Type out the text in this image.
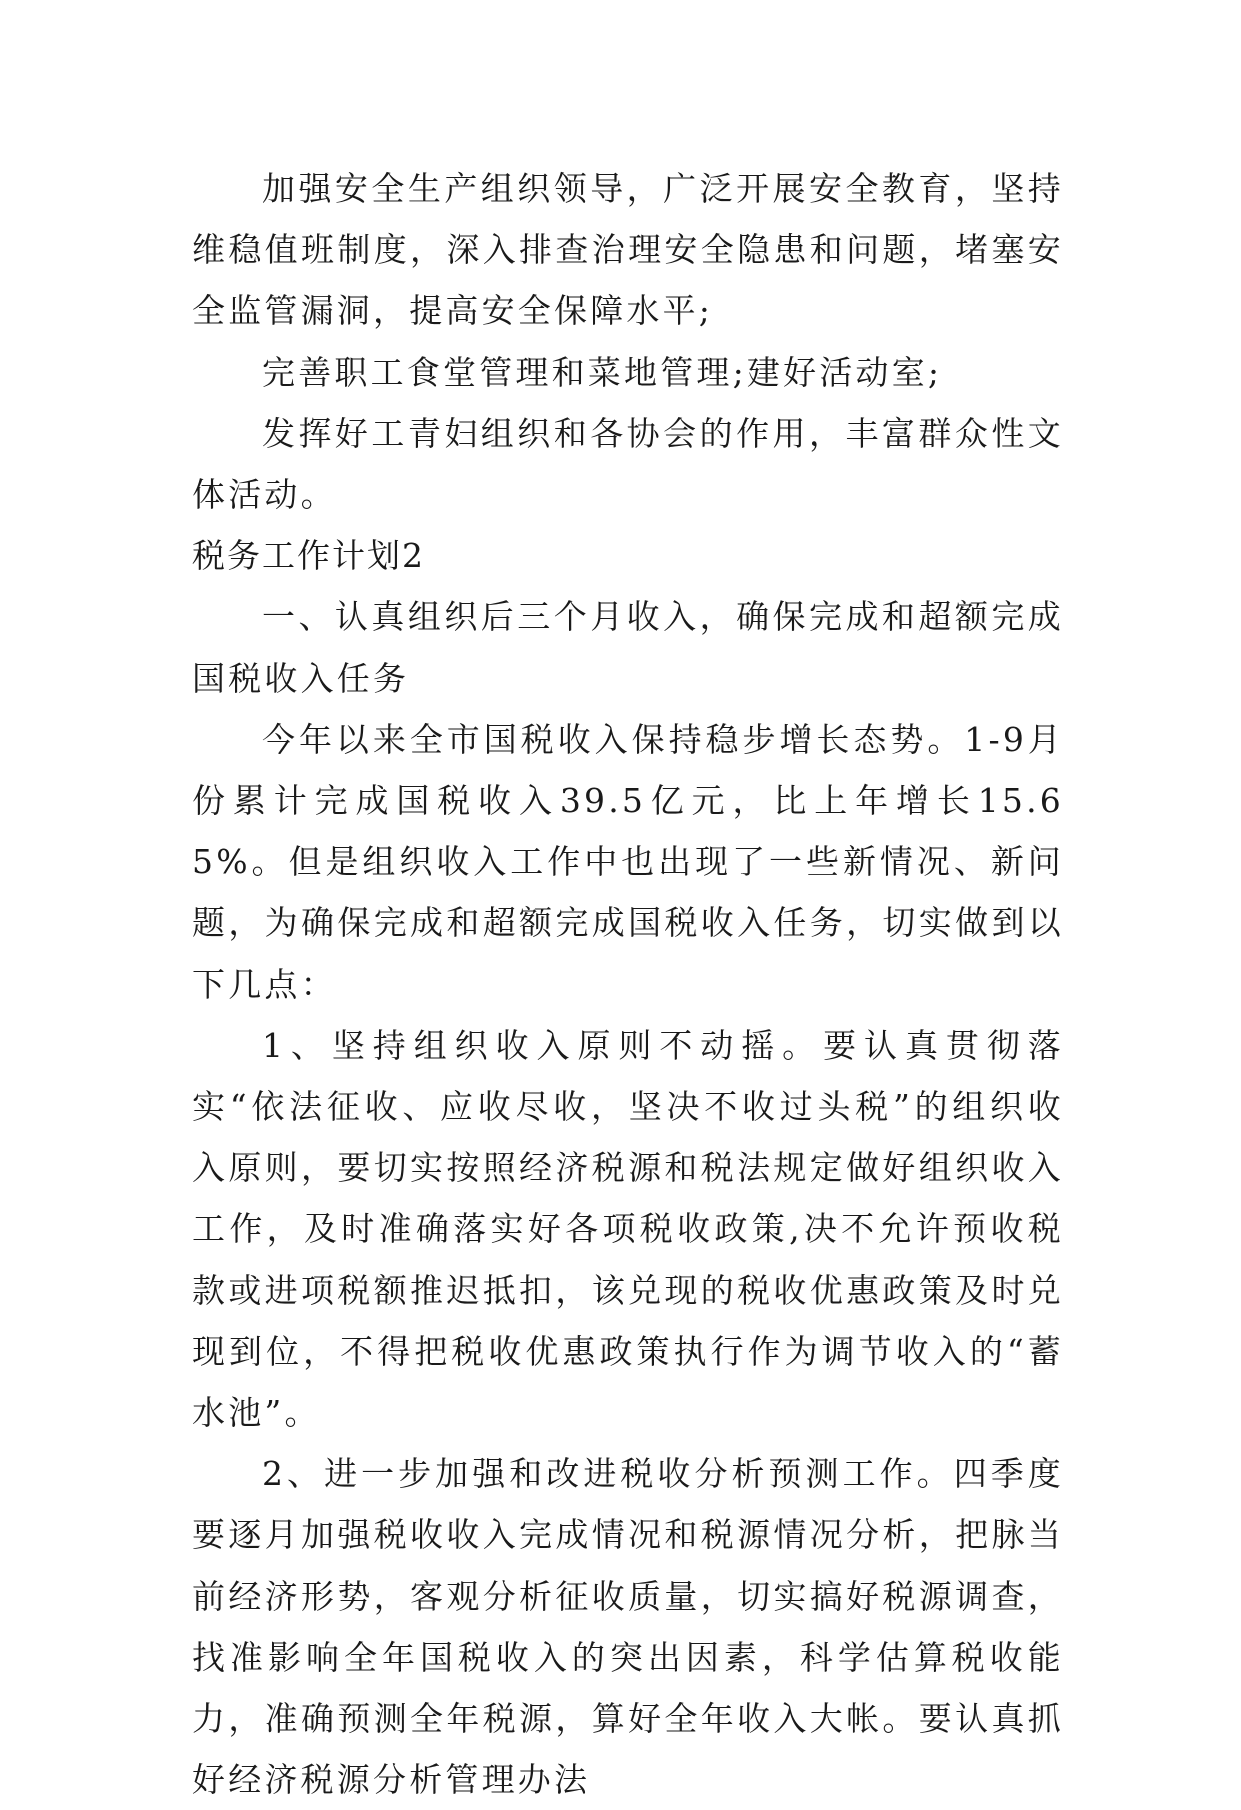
加强安全生产组织领导，广泛开展安全教育，坚持维稳值班制度，深入排查治理安全隐患和问题，堵塞安全监管漏洞，提高安全保障水平;

完善职工食堂管理和菜地管理;建好活动室;

发挥好工青妇组织和各协会的作用，丰富群众性文体活动。

税务工作计划2

一、认真组织后三个月收入，确保完成和超额完成国税收入任务

今年以来全市国税收入保持稳步增长态势。1-9月份累计完成国税收入39.5亿元，比上年增长15.65%。但是组织收入工作中也出现了一些新情况、新问题，为确保完成和超额完成国税收入任务，切实做到以下几点：

1、坚持组织收入原则不动摇。要认真贯彻落实“依法征收、应收尽收，坚决不收过头税”的组织收入原则，要切实按照经济税源和税法规定做好组织收入工作，及时准确落实好各项税收政策,决不允许预收税款或进项税额推迟抵扣，该兑现的税收优惠政策及时兑现到位，不得把税收优惠政策执行作为调节收入的“蓄水池”。

2、进一步加强和改进税收分析预测工作。四季度要逐月加强税收收入完成情况和税源情况分析，把脉当前经济形势，客观分析征收质量，切实搞好税源调查，找准影响全年国税收入的突出因素，科学估算税收能力，准确预测全年税源，算好全年收入大帐。要认真抓好经济税源分析管理办法
